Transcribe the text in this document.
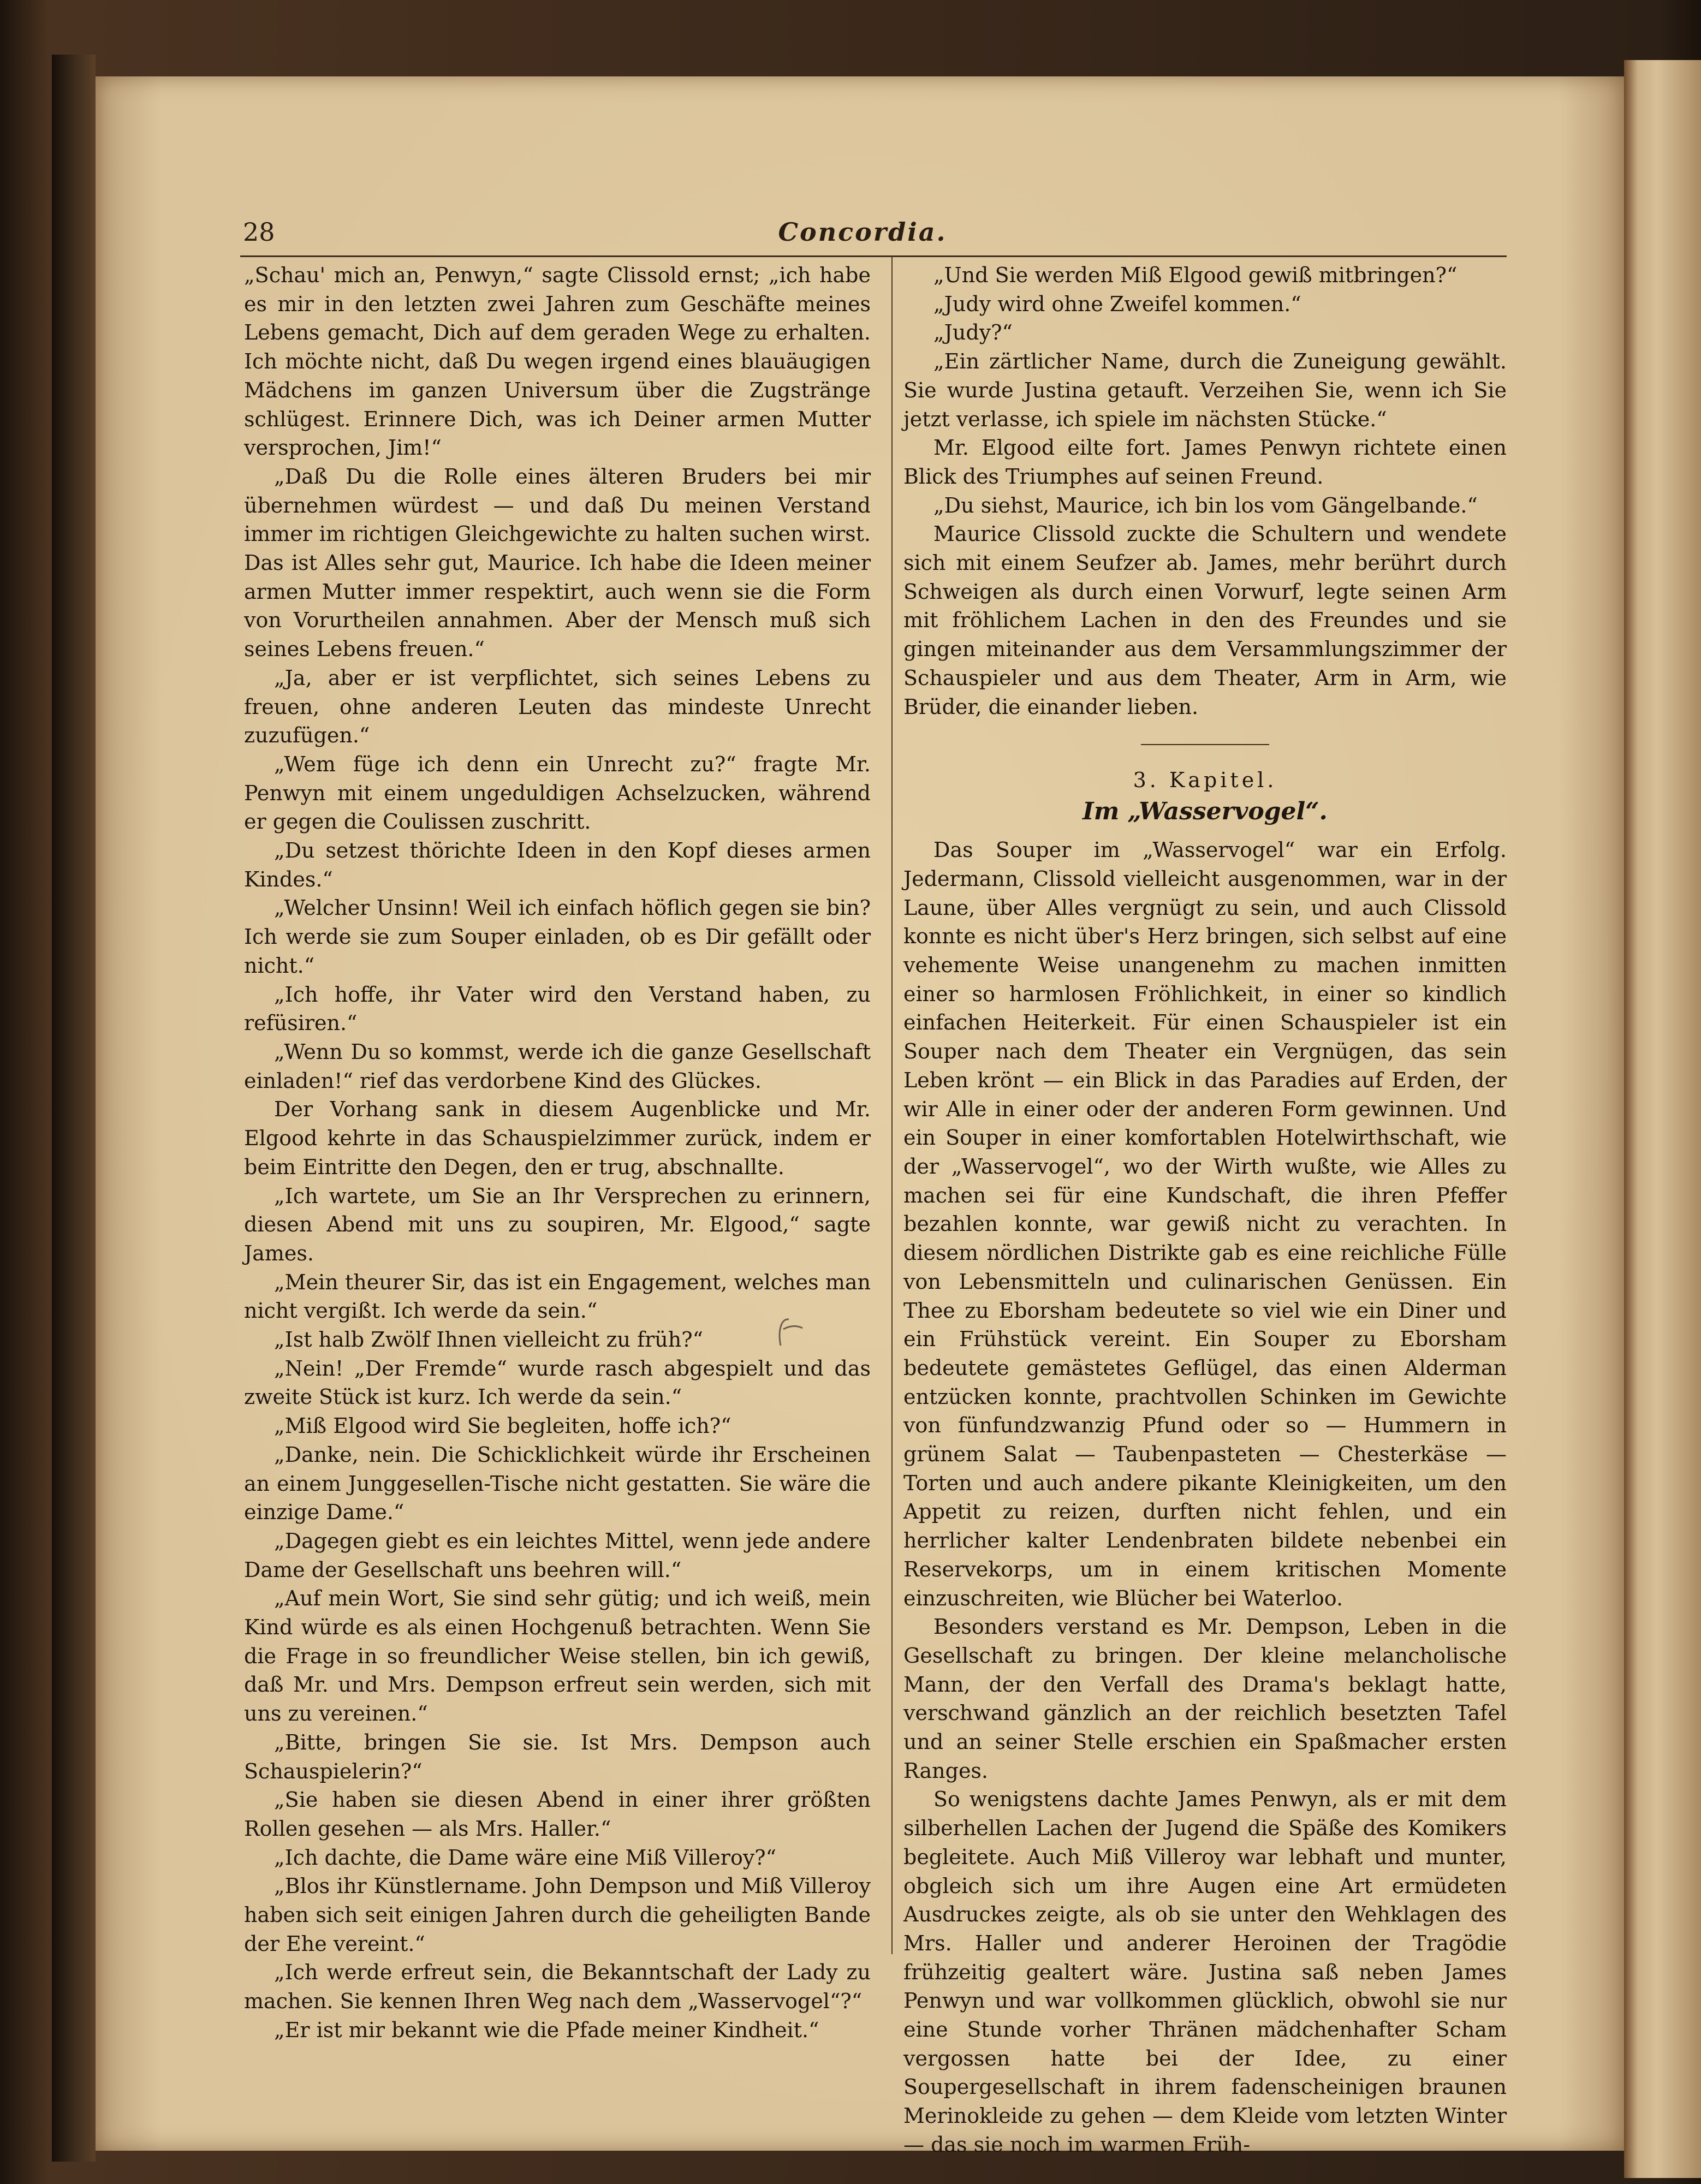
28	Concordia.

„Schau' mich an, Penwyn,“ sagte Clissold ernst; „ich habe es mir in den letzten zwei Jahren zum Geschäfte meines Lebens gemacht, Dich auf dem geraden Wege zu erhalten. Ich möchte nicht, daß Du wegen irgend eines blauäugigen Mädchens im ganzen Universum über die Zugstränge schlügest. Erinnere Dich, was ich Deiner armen Mutter versprochen, Jim!“

„Daß Du die Rolle eines älteren Bruders bei mir übernehmen würdest — und daß Du meinen Verstand immer im richtigen Gleichgewichte zu halten suchen wirst. Das ist Alles sehr gut, Maurice. Ich habe die Ideen meiner armen Mutter immer respektirt, auch wenn sie die Form von Vorurtheilen annahmen. Aber der Mensch muß sich seines Lebens freuen.“

„Ja, aber er ist verpflichtet, sich seines Lebens zu freuen, ohne anderen Leuten das mindeste Unrecht zuzufügen.“

„Wem füge ich denn ein Unrecht zu?“ fragte Mr. Penwyn mit einem ungeduldigen Achselzucken, während er gegen die Coulissen zuschritt.

„Du setzest thörichte Ideen in den Kopf dieses armen Kindes.“

„Welcher Unsinn! Weil ich einfach höflich gegen sie bin? Ich werde sie zum Souper einladen, ob es Dir gefällt oder nicht.“

„Ich hoffe, ihr Vater wird den Verstand haben, zu refüsiren.“

„Wenn Du so kommst, werde ich die ganze Gesellschaft einladen!“ rief das verdorbene Kind des Glückes.

Der Vorhang sank in diesem Augenblicke und Mr. Elgood kehrte in das Schauspielzimmer zurück, indem er beim Eintritte den Degen, den er trug, abschnallte.

„Ich wartete, um Sie an Ihr Versprechen zu erinnern, diesen Abend mit uns zu soupiren, Mr. Elgood,“ sagte James.

„Mein theurer Sir, das ist ein Engagement, welches man nicht vergißt. Ich werde da sein.“

„Ist halb Zwölf Ihnen vielleicht zu früh?“

„Nein! „Der Fremde“ wurde rasch abgespielt und das zweite Stück ist kurz. Ich werde da sein.“

„Miß Elgood wird Sie begleiten, hoffe ich?“

„Danke, nein. Die Schicklichkeit würde ihr Erscheinen an einem Junggesellen-Tische nicht gestatten. Sie wäre die einzige Dame.“

„Dagegen giebt es ein leichtes Mittel, wenn jede andere Dame der Gesellschaft uns beehren will.“

„Auf mein Wort, Sie sind sehr gütig; und ich weiß, mein Kind würde es als einen Hochgenuß betrachten. Wenn Sie die Frage in so freundlicher Weise stellen, bin ich gewiß, daß Mr. und Mrs. Dempson erfreut sein werden, sich mit uns zu vereinen.“

„Bitte, bringen Sie sie. Ist Mrs. Dempson auch Schauspielerin?“

„Sie haben sie diesen Abend in einer ihrer größten Rollen gesehen — als Mrs. Haller.“

„Ich dachte, die Dame wäre eine Miß Villeroy?“

„Blos ihr Künstlername. John Dempson und Miß Villeroy haben sich seit einigen Jahren durch die geheiligten Bande der Ehe vereint.“

„Ich werde erfreut sein, die Bekanntschaft der Lady zu machen. Sie kennen Ihren Weg nach dem „Wasservogel“?“

„Er ist mir bekannt wie die Pfade meiner Kindheit.“

„Und Sie werden Miß Elgood gewiß mitbringen?“

„Judy wird ohne Zweifel kommen.“

„Judy?“

„Ein zärtlicher Name, durch die Zuneigung gewählt. Sie wurde Justina getauft. Verzeihen Sie, wenn ich Sie jetzt verlasse, ich spiele im nächsten Stücke.“

Mr. Elgood eilte fort. James Penwyn richtete einen Blick des Triumphes auf seinen Freund.

„Du siehst, Maurice, ich bin los vom Gängelbande.“

Maurice Clissold zuckte die Schultern und wendete sich mit einem Seufzer ab. James, mehr berührt durch Schweigen als durch einen Vorwurf, legte seinen Arm mit fröhlichem Lachen in den des Freundes und sie gingen miteinander aus dem Versammlungszimmer der Schauspieler und aus dem Theater, Arm in Arm, wie Brüder, die einander lieben.

3. Kapitel.

Im „Wasservogel“.

Das Souper im „Wasservogel“ war ein Erfolg. Jedermann, Clissold vielleicht ausgenommen, war in der Laune, über Alles vergnügt zu sein, und auch Clissold konnte es nicht über's Herz bringen, sich selbst auf eine vehemente Weise unangenehm zu machen inmitten einer so harmlosen Fröhlichkeit, in einer so kindlich einfachen Heiterkeit. Für einen Schauspieler ist ein Souper nach dem Theater ein Vergnügen, das sein Leben krönt — ein Blick in das Paradies auf Erden, der wir Alle in einer oder der anderen Form gewinnen. Und ein Souper in einer komfortablen Hotelwirthschaft, wie der „Wasservogel“, wo der Wirth wußte, wie Alles zu machen sei für eine Kundschaft, die ihren Pfeffer bezahlen konnte, war gewiß nicht zu verachten. In diesem nördlichen Distrikte gab es eine reichliche Fülle von Lebensmitteln und culinarischen Genüssen. Ein Thee zu Eborsham bedeutete so viel wie ein Diner und ein Frühstück vereint. Ein Souper zu Eborsham bedeutete gemästetes Geflügel, das einen Alderman entzücken konnte, prachtvollen Schinken im Gewichte von fünfundzwanzig Pfund oder so — Hummern in grünem Salat — Taubenpasteten — Chesterkäse — Torten und auch andere pikante Kleinigkeiten, um den Appetit zu reizen, durften nicht fehlen, und ein herrlicher kalter Lendenbraten bildete nebenbei ein Reservekorps, um in einem kritischen Momente einzuschreiten, wie Blücher bei Waterloo.

Besonders verstand es Mr. Dempson, Leben in die Gesellschaft zu bringen. Der kleine melancholische Mann, der den Verfall des Drama's beklagt hatte, verschwand gänzlich an der reichlich besetzten Tafel und an seiner Stelle erschien ein Spaßmacher ersten Ranges.

So wenigstens dachte James Penwyn, als er mit dem silberhellen Lachen der Jugend die Späße des Komikers begleitete. Auch Miß Villeroy war lebhaft und munter, obgleich sich um ihre Augen eine Art ermüdeten Ausdruckes zeigte, als ob sie unter den Wehklagen des Mrs. Haller und anderer Heroinen der Tragödie frühzeitig gealtert wäre. Justina saß neben James Penwyn und war vollkommen glücklich, obwohl sie nur eine Stunde vorher Thränen mädchenhafter Scham vergossen hatte bei der Idee, zu einer Soupergesellschaft in ihrem fadenscheinigen braunen Merinokleide zu gehen — dem Kleide vom letzten Winter — das sie noch im warmen Früh-
